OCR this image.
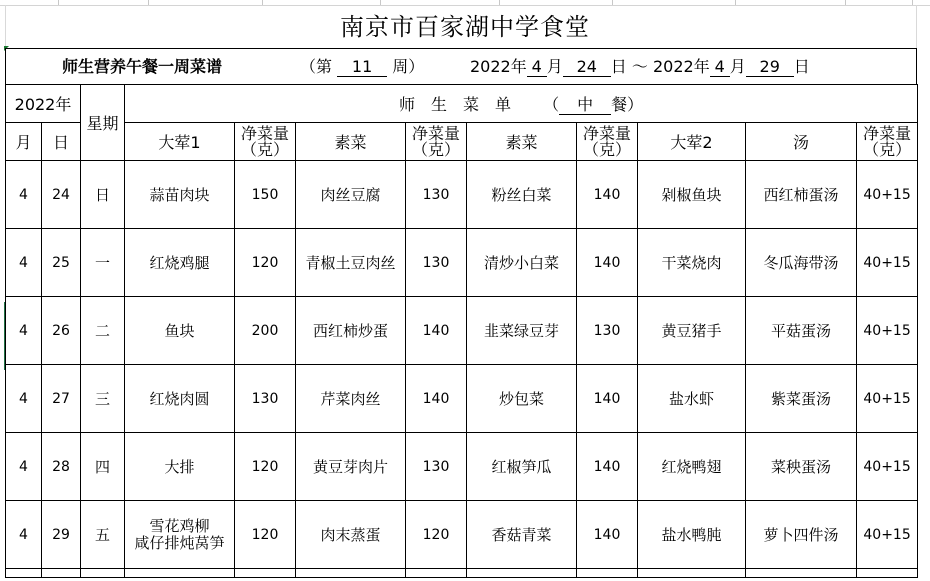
南京市百家湖中学食堂
师生营养午餐一周菜谱	（第 11 周）	2022年 4 月 24 日 ～ 2022年 4 月 29 日
2022年		星期	师　生　菜　单 （ 中 餐）								
月	日		大荤1	净菜量（克）	素菜	净菜量（克）	素菜	净菜量（克）	大荤2	汤	净菜量（克）
4	24	日	蒜苗肉块	150	肉丝豆腐	130	粉丝白菜	140	剁椒鱼块	西红柿蛋汤	40+15
4	25	一	红烧鸡腿	120	青椒土豆肉丝	130	清炒小白菜	140	干菜烧肉	冬瓜海带汤	40+15
4	26	二	鱼块	200	西红柿炒蛋	140	韭菜绿豆芽	130	黄豆猪手	平菇蛋汤	40+15
4	27	三	红烧肉圆	130	芹菜肉丝	140	炒包菜	140	盐水虾	紫菜蛋汤	40+15
4	28	四	大排	120	黄豆芽肉片	130	红椒笋瓜	140	红烧鸭翅	菜秧蛋汤	40+15
4	29	五	雪花鸡柳
咸仔排炖莴笋	120	肉末蒸蛋	120	香菇青菜	140	盐水鸭肫	萝卜四件汤	40+15
